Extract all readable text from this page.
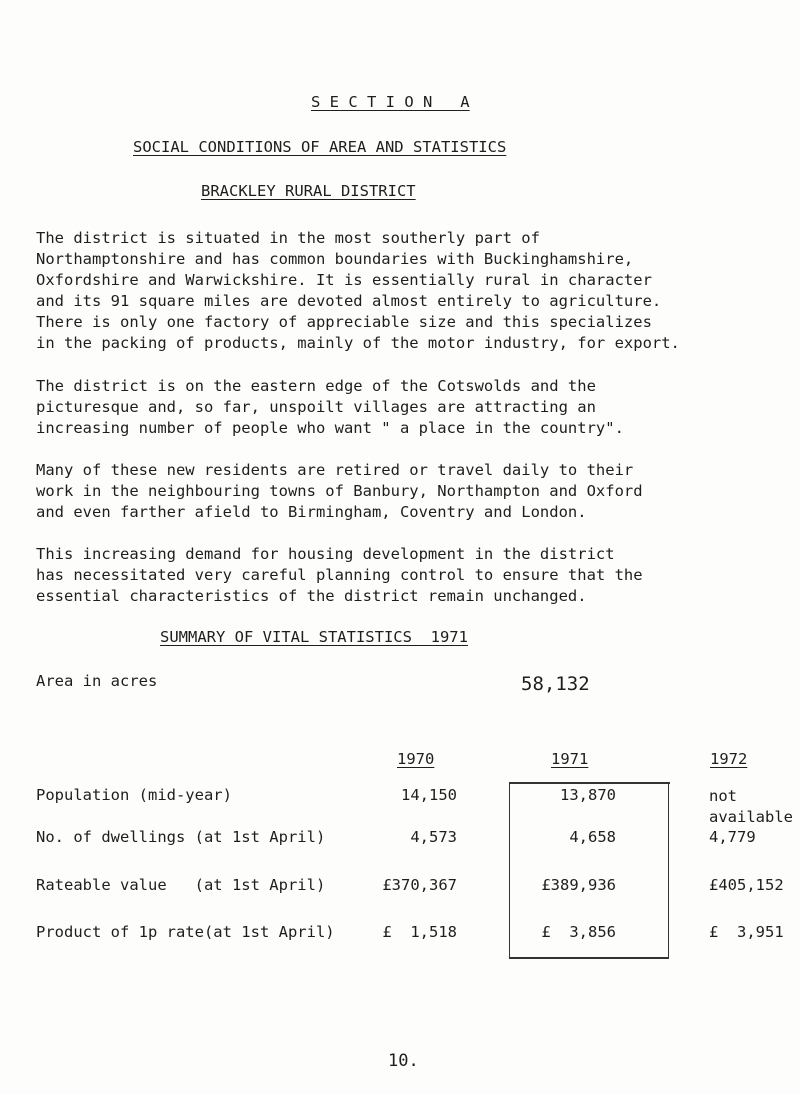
S E C T I O N   A
SOCIAL CONDITIONS OF AREA AND STATISTICS
BRACKLEY RURAL DISTRICT
The district is situated in the most southerly part of
Northamptonshire and has common boundaries with Buckinghamshire,
Oxfordshire and Warwickshire. It is essentially rural in character
and its 91 square miles are devoted almost entirely to agriculture.
There is only one factory of appreciable size and this specializes
in the packing of products, mainly of the motor industry, for export.
The district is on the eastern edge of the Cotswolds and the
picturesque and, so far, unspoilt villages are attracting an
increasing number of people who want " a place in the country".
Many of these new residents are retired or travel daily to their
work in the neighbouring towns of Banbury, Northampton and Oxford
and even farther afield to Birmingham, Coventry and London.
This increasing demand for housing development in the district
has necessitated very careful planning control to ensure that the
essential characteristics of the district remain unchanged.
SUMMARY OF VITAL STATISTICS  1971
Area in acres	58,132
1970	1971	1972
Population (mid-year)	14,150	13,870	not available
No. of dwellings (at 1st April)	4,573	4,658	4,779
Rateable value   (at 1st April)	£370,367	£389,936	£405,152
Product of 1p rate(at 1st April)	£  1,518	£  3,856	£  3,951
10.
